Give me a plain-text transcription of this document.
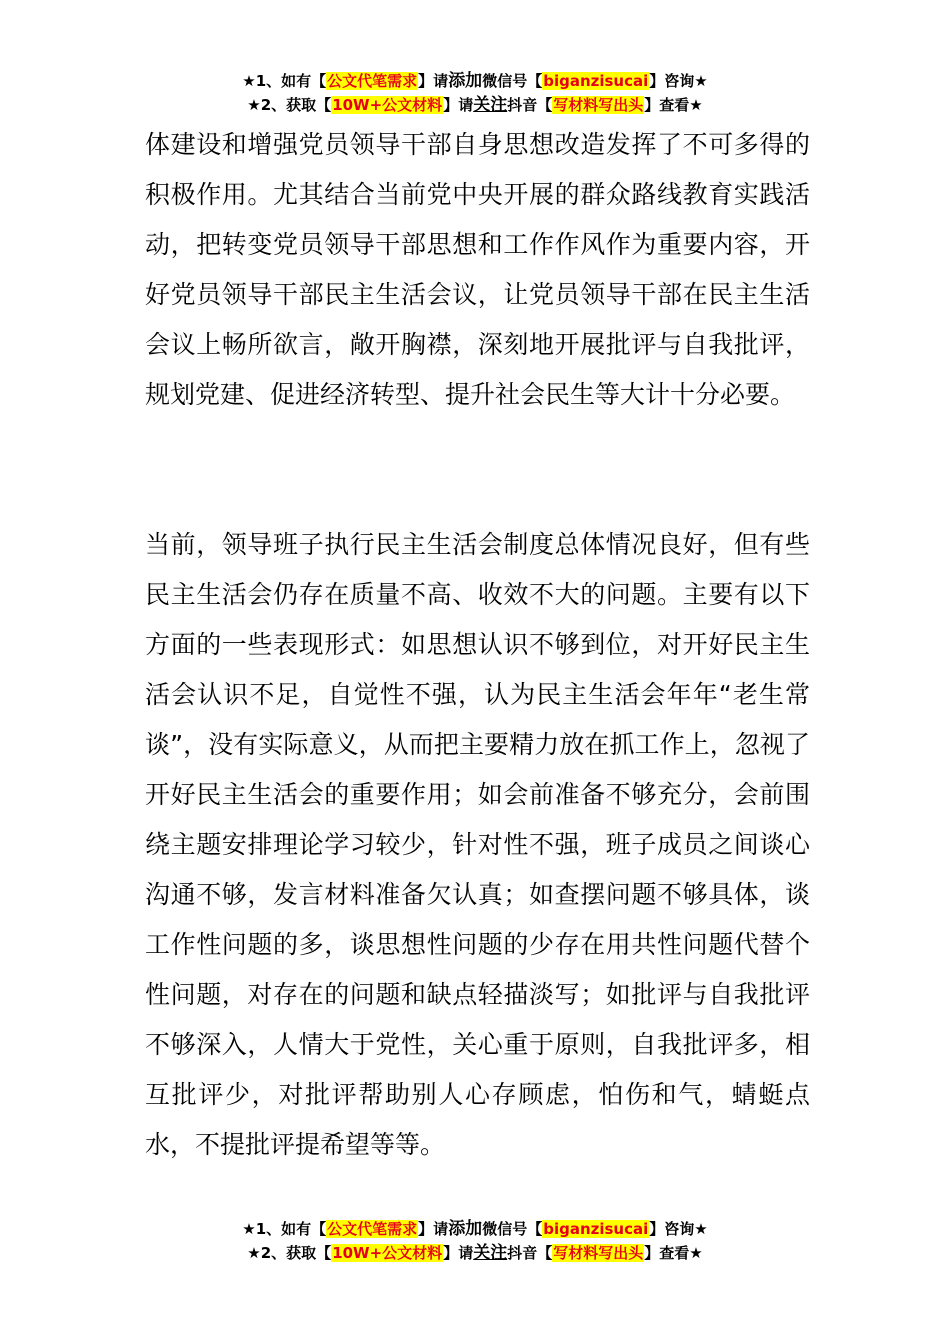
★1、如有【公文代笔需求】请添加微信号【biganzisucai】咨询★
★2、获取【10W+公文材料】请关注抖音【写材料写出头】查看★

体建设和增强党员领导干部自身思想改造发挥了不可多得的积极作用。尤其结合当前党中央开展的群众路线教育实践活动，把转变党员领导干部思想和工作作风作为重要内容，开好党员领导干部民主生活会议，让党员领导干部在民主生活会议上畅所欲言，敞开胸襟，深刻地开展批评与自我批评，规划党建、促进经济转型、提升社会民生等大计十分必要。

当前，领导班子执行民主生活会制度总体情况良好，但有些民主生活会仍存在质量不高、收效不大的问题。主要有以下方面的一些表现形式：如思想认识不够到位，对开好民主生活会认识不足，自觉性不强，认为民主生活会年年“老生常谈”，没有实际意义，从而把主要精力放在抓工作上，忽视了开好民主生活会的重要作用；如会前准备不够充分，会前围绕主题安排理论学习较少，针对性不强，班子成员之间谈心沟通不够，发言材料准备欠认真；如查摆问题不够具体，谈工作性问题的多，谈思想性问题的少存在用共性问题代替个性问题，对存在的问题和缺点轻描淡写；如批评与自我批评不够深入，人情大于党性，关心重于原则，自我批评多，相互批评少，对批评帮助别人心存顾虑，怕伤和气，蜻蜓点水，不提批评提希望等等。

★1、如有【公文代笔需求】请添加微信号【biganzisucai】咨询★
★2、获取【10W+公文材料】请关注抖音【写材料写出头】查看★
